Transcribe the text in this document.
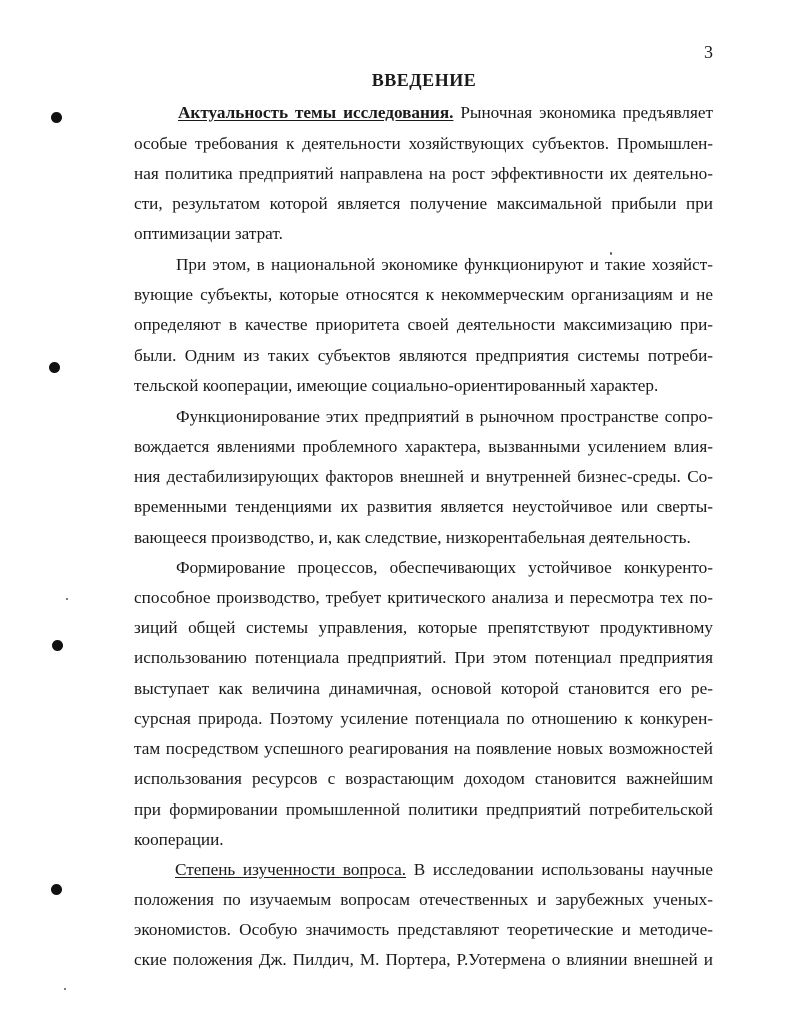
3
ВВЕДЕНИЕ
Актуальность темы исследования. Рыночная экономика предъявляет
особые требования к деятельности хозяйствующих субъектов. Промышлен-
ная политика предприятий направлена на рост эффективности их деятельно-
сти, результатом которой является получение максимальной прибыли при
оптимизации затрат.
При этом, в национальной экономике функционируют и такие хозяйст-
вующие субъекты, которые относятся к некоммерческим организациям и не
определяют в качестве приоритета своей деятельности максимизацию при-
были. Одним из таких субъектов являются предприятия системы потреби-
тельской кооперации, имеющие социально-ориентированный характер.
Функционирование этих предприятий в рыночном пространстве сопро-
вождается явлениями проблемного характера, вызванными усилением влия-
ния дестабилизирующих факторов внешней и внутренней бизнес-среды. Со-
временными тенденциями их развития является неустойчивое или сверты-
вающееся производство, и, как следствие, низкорентабельная деятельность.
Формирование процессов, обеспечивающих устойчивое конкуренто-
способное производство, требует критического анализа и пересмотра тех по-
зиций общей системы управления, которые препятствуют продуктивному
использованию потенциала предприятий. При этом потенциал предприятия
выступает как величина динамичная, основой которой становится его ре-
сурсная природа. Поэтому усиление потенциала по отношению к конкурен-
там посредством успешного реагирования на появление новых возможностей
использования ресурсов с возрастающим доходом становится важнейшим
при формировании промышленной политики предприятий потребительской
кооперации.
Степень изученности вопроса. В исследовании использованы научные
положения по изучаемым вопросам отечественных и зарубежных ученых-
экономистов. Особую значимость представляют теоретические и методиче-
ские положения Дж. Пилдич, М. Портера, Р.Уотермена о влиянии внешней и
